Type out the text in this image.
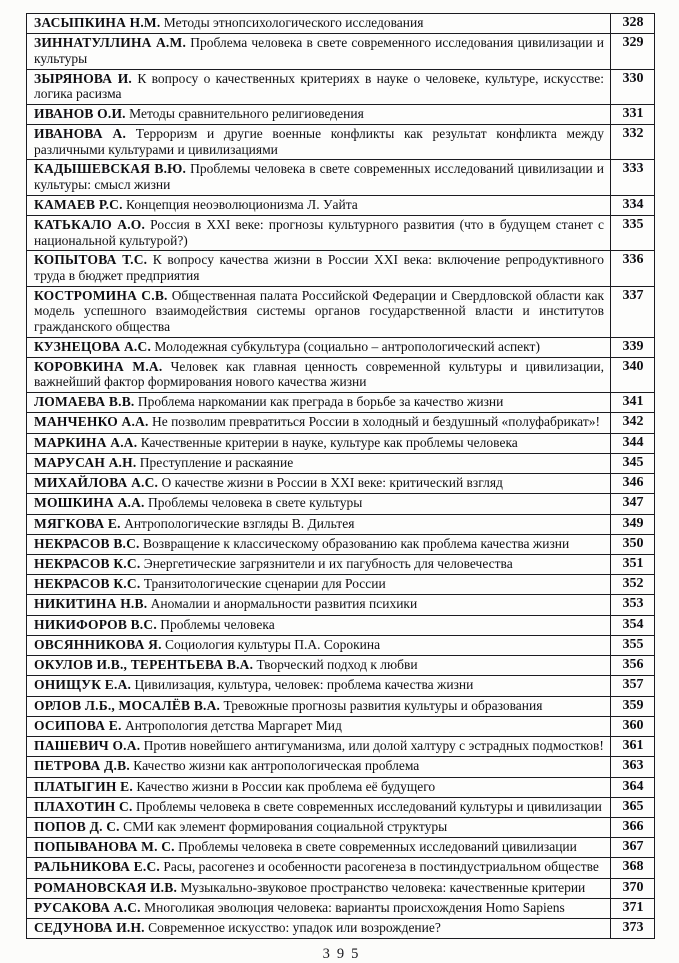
ЗАСЫПКИНА Н.М. Методы этнопсихологического исследования	328
ЗИННАТУЛЛИНА А.М. Проблема человека в свете современного исследования цивилизации и культуры	329
ЗЫРЯНОВА И. К вопросу о качественных критериях в науке о человеке, культуре, искусстве: логика расизма	330
ИВАНОВ О.И. Методы сравнительного религиоведения	331
ИВАНОВА А. Терроризм и другие военные конфликты как результат конфликта между различными культурами и цивилизациями	332
КАДЫШЕВСКАЯ В.Ю. Проблемы человека в свете современных исследований цивилизации и культуры: смысл жизни	333
КАМАЕВ Р.С. Концепция неоэволюционизма Л. Уайта	334
КАТЬКАЛО А.О. Россия в XXI веке: прогнозы культурного развития (что в будущем станет с национальной культурой?)	335
КОПЫТОВА Т.С. К вопросу качества жизни в России XXI века: включение репродуктивного труда в бюджет предприятия	336
КОСТРОМИНА С.В. Общественная палата Российской Федерации и Свердловской области как модель успешного взаимодействия системы органов государственной власти и институтов гражданского общества	337
КУЗНЕЦОВА А.С. Молодежная субкультура (социально – антропологический аспект)	339
КОРОВКИНА М.А. Человек как главная ценность современной культуры и цивилизации, важнейший фактор формирования нового качества жизни	340
ЛОМАЕВА В.В. Проблема наркомании как преграда в борьбе за качество жизни	341
МАНЧЕНКО А.А. Не позволим превратиться России в холодный и бездушный «полуфабрикат»!	342
МАРКИНА А.А. Качественные критерии в науке, культуре как проблемы человека	344
МАРУСАН А.Н. Преступление и раскаяние	345
МИХАЙЛОВА А.С. О качестве жизни в России в XXI веке: критический взгляд	346
МОШКИНА А.А. Проблемы человека в свете культуры	347
МЯГКОВА Е. Антропологические взгляды В. Дильтея	349
НЕКРАСОВ В.С. Возвращение к классическому образованию как проблема качества жизни	350
НЕКРАСОВ К.С. Энергетические загрязнители и их пагубность для человечества	351
НЕКРАСОВ К.С. Транзитологические сценарии для России	352
НИКИТИНА Н.В. Аномалии и анормальности развития психики	353
НИКИФОРОВ В.С. Проблемы человека	354
ОВСЯННИКОВА Я. Социология культуры П.А. Сорокина	355
ОКУЛОВ И.В., ТЕРЕНТЬЕВА В.А. Творческий подход к любви	356
ОНИЩУК Е.А. Цивилизация, культура, человек: проблема качества жизни	357
ОРЛОВ Л.Б., МОСАЛЁВ В.А. Тревожные прогнозы развития культуры и образования	359
ОСИПОВА Е. Антропология детства Маргарет Мид	360
ПАШЕВИЧ О.А. Против новейшего антигуманизма, или долой халтуру с эстрадных подмостков!	361
ПЕТРОВА Д.В. Качество жизни как антропологическая проблема	363
ПЛАТЫГИН Е. Качество жизни в России как проблема её будущего	364
ПЛАХОТИН С. Проблемы человека в свете современных исследований культуры и цивилизации	365
ПОПОВ Д. С. СМИ как элемент формирования социальной структуры	366
ПОПЫВАНОВА М. С. Проблемы человека в свете современных исследований цивилизации	367
РАЛЬНИКОВА Е.С. Расы, расогенез и особенности расогенеза в постиндустриальном обществе	368
РОМАНОВСКАЯ И.В. Музыкально-звуковое пространство человека: качественные критерии	370
РУСАКОВА А.С. Многоликая эволюция человека: варианты происхождения Homo Sapiens	371
СЕДУНОВА И.Н. Современное искусство: упадок или возрождение?	373
395
